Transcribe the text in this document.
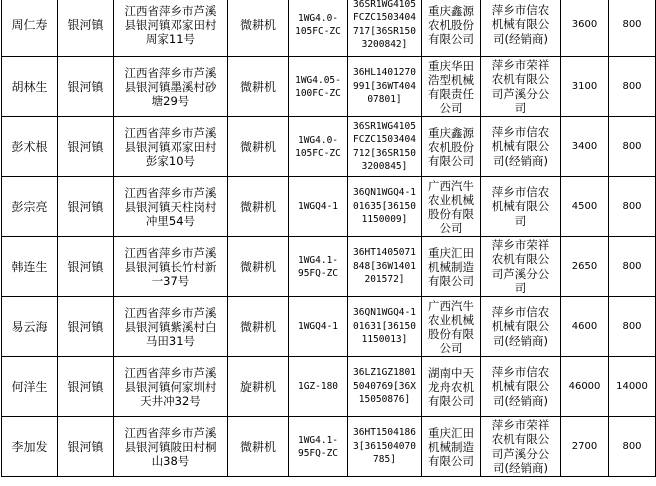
周仁寿	银河镇	江西省萍乡市芦溪县银河镇邓家田村周家11号	微耕机	1WG4.0-105FC-ZC	36SR1WG4105FCZC1503404717[36SR1503200842]	重庆鑫源农机股份有限公司	萍乡市信农机械有限公司(经销商)	3600	800
胡林生	银河镇	江西省萍乡市芦溪县银河镇墨溪村砂塘29号	微耕机	1WG4.05-100FC-ZC	36HL1401270991[36WT40407801]	重庆华田浩型机械有限责任公司	萍乡市荣祥农机有限公司芦溪分公司	3100	800
彭术根	银河镇	江西省萍乡市芦溪县银河镇邓家田村彭家10号	微耕机	1WG4.0-105FC-ZC	36SR1WG4105FCZC1503404712[36SR1503200845]	重庆鑫源农机股份有限公司	萍乡市信农机械有限公司(经销商)	3400	800
彭宗亮	银河镇	江西省萍乡市芦溪县银河镇天柱岗村冲里54号	微耕机	1WGQ4-1	36QN1WGQ4-101635[361501150009]	广西汽牛农业机械股份有限公司	萍乡市信农机械有限公司	4500	800
韩连生	银河镇	江西省萍乡市芦溪县银河镇长竹村新一37号	微耕机	1WG4.1-95FQ-ZC	36HT1405071848[36W1401201572]	重庆汇田机械制造有限公司	萍乡市荣祥农机有限公司芦溪分公司	2650	800
易云海	银河镇	江西省萍乡市芦溪县银河镇紫溪村白马田31号	微耕机	1WGQ4-1	36QN1WGQ4-101631[361501150013]	广西汽牛农业机械股份有限公司	萍乡市信农机械有限公司(经销商)	4600	800
何洋生	银河镇	江西省萍乡市芦溪县银河镇何家圳村天井冲32号	旋耕机	1GZ-180	36LZ1GZ18015040769[36X15050876]	湖南中天龙舟农机有限公司	萍乡市信农机械有限公司(经销商)	46000	14000
李加发	银河镇	江西省萍乡市芦溪县银河镇陂田村桐山38号	微耕机	1WG4.1-95FQ-ZC	36HT15041863[361504070785]	重庆汇田机械制造有限公司	萍乡市荣祥农机有限公司芦溪分公司(经销商)	2700	800
